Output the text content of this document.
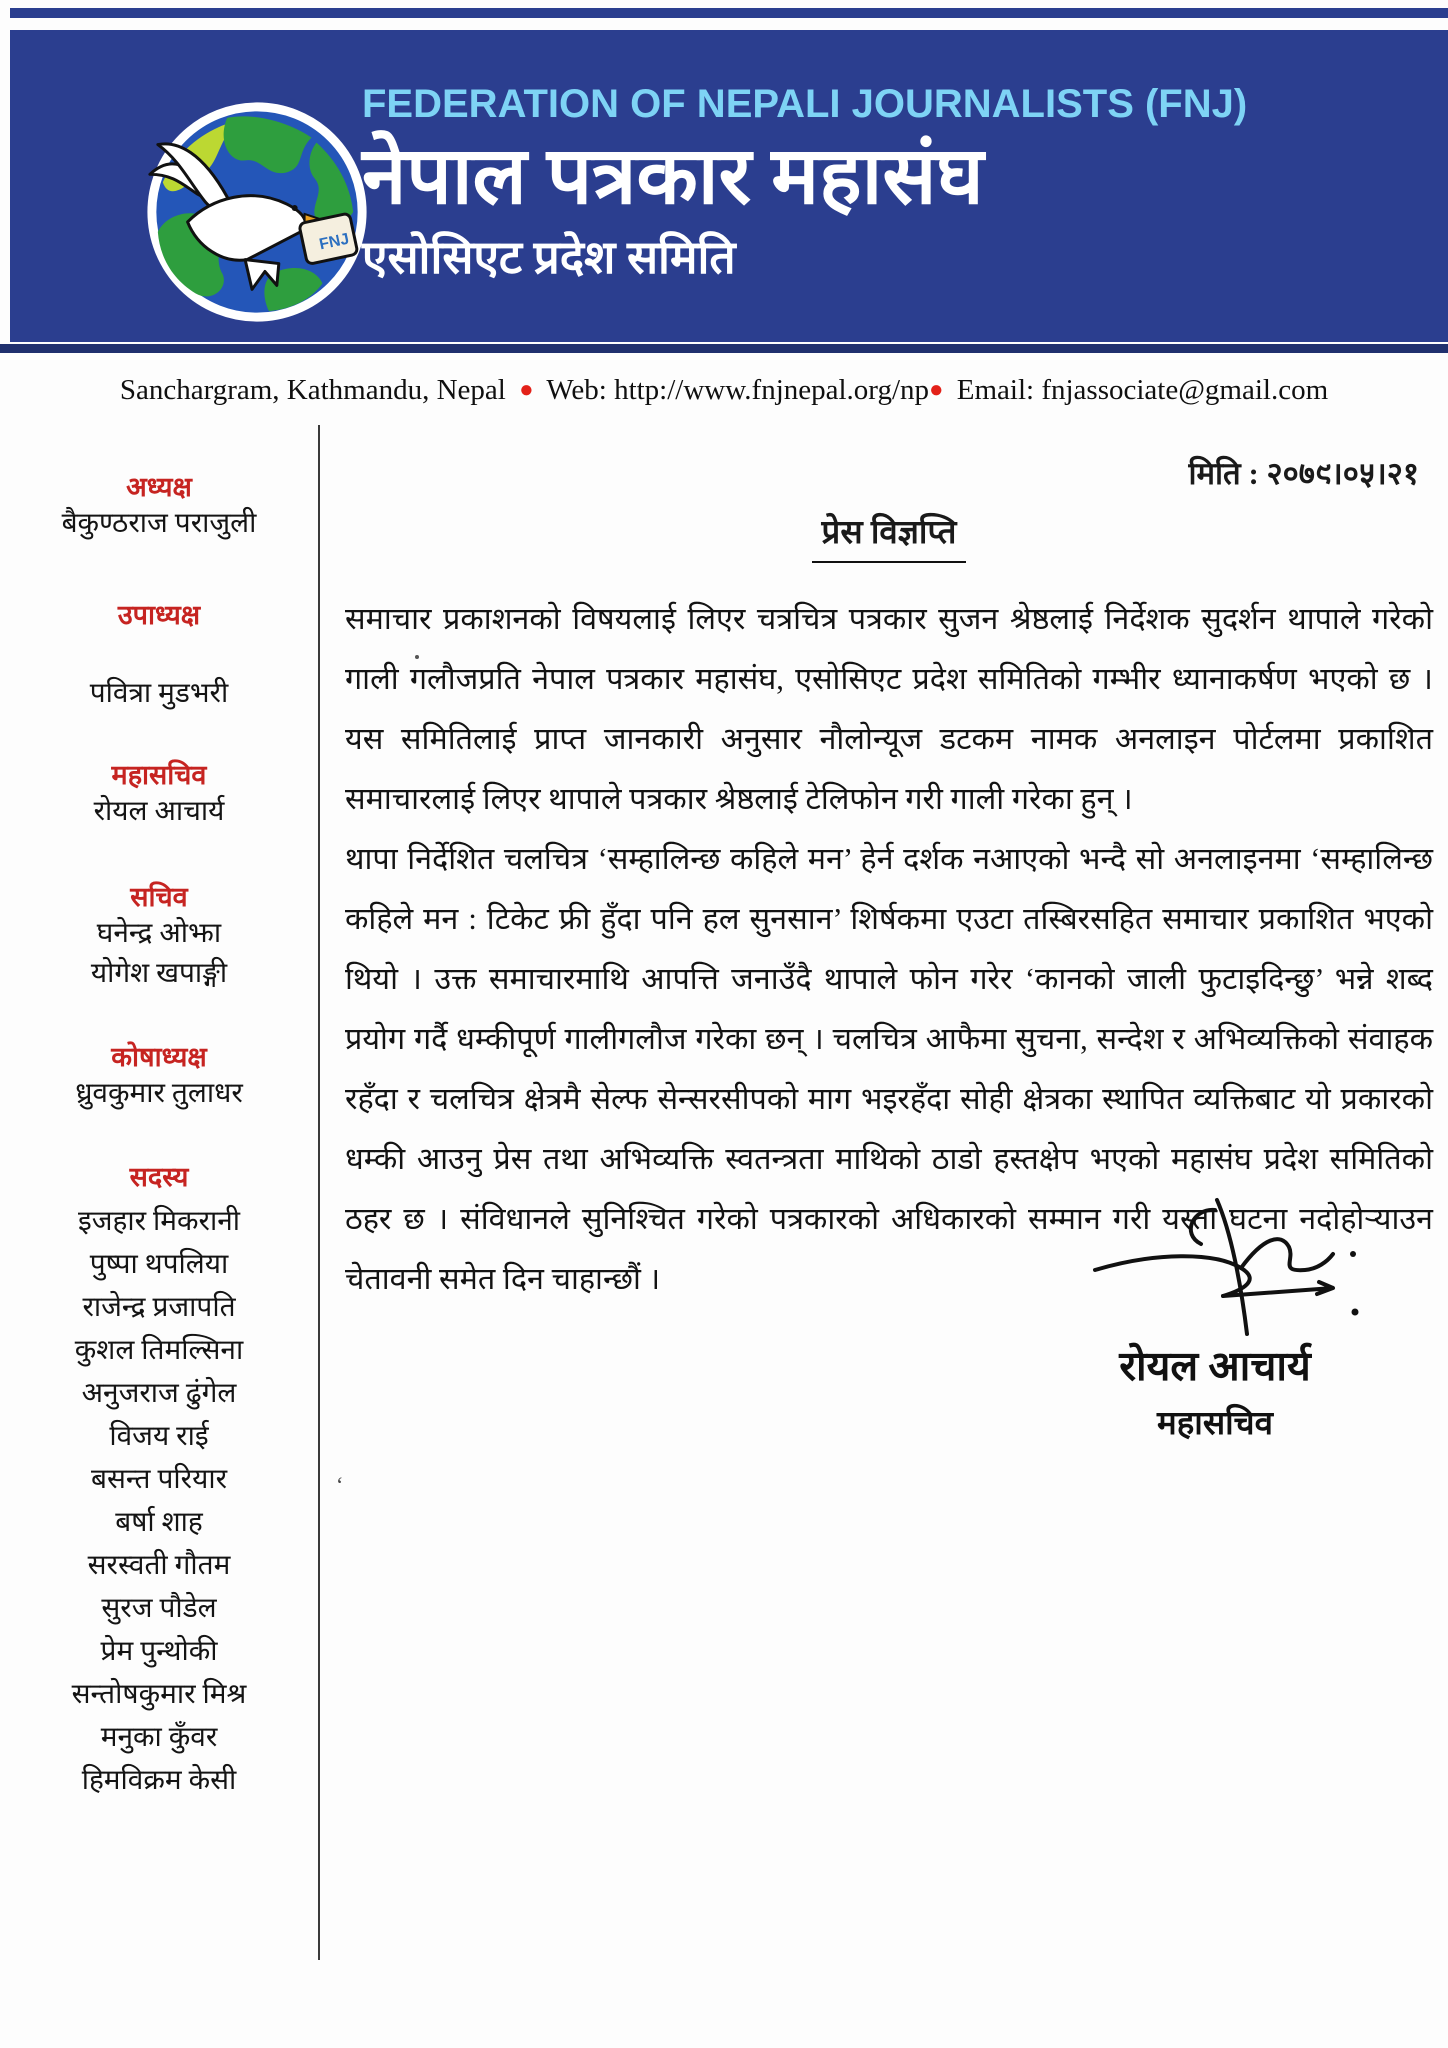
FNJ
FEDERATION OF NEPALI JOURNALISTS (FNJ)
नेपाल पत्रकार महासंघ
एसोसिएट प्रदेश समिति
Sanchargram, Kathmandu, Nepal ● Web: http://www.fnjnepal.org/np● Email: fnjassociate@gmail.com
‘
अध्यक्ष
बैकुण्ठराज पराजुली
उपाध्यक्ष
पवित्रा मुडभरी
महासचिव
रोयल आचार्य
सचिव
घनेन्द्र ओझा
योगेश खपाङ्गी
कोषाध्यक्ष
ध्रुवकुमार तुलाधर
सदस्य
इजहार मिकरानी
पुष्पा थपलिया
राजेन्द्र प्रजापति
कुशल तिमल्सिना
अनुजराज ढुंगेल
विजय राई
बसन्त परियार
बर्षा शाह
सरस्वती गौतम
सुरज पौडेल
प्रेम पुन्थोकी
सन्तोषकुमार मिश्र
मनुका कुँवर
हिमविक्रम केसी
मिति : २०७९।०५।२१
प्रेस विज्ञप्ति

समाचार प्रकाशनको विषयलाई लिएर चत्रचित्र पत्रकार सुजन श्रेष्ठलाई निर्देशक सुदर्शन थापाले गरेको गाली गलौजप्रति नेपाल पत्रकार महासंघ, एसोसिएट प्रदेश समितिको गम्भीर ध्यानाकर्षण भएको छ । यस समितिलाई प्राप्त जानकारी अनुसार नौलोन्यूज डटकम नामक अनलाइन पोर्टलमा प्रकाशित समाचारलाई लिएर थापाले पत्रकार श्रेष्ठलाई टेलिफोन गरी गाली गरेका हुन् ।

थापा निर्देशित चलचित्र ‘सम्हालिन्छ कहिले मन’ हेर्न दर्शक नआएको भन्दै सो अनलाइनमा ‘सम्हालिन्छ कहिले मन : टिकेट फ्री हुँदा पनि हल सुनसान’ शिर्षकमा एउटा तस्बिरसहित समाचार प्रकाशित भएको थियो । उक्त समाचारमाथि आपत्ति जनाउँदै थापाले फोन गरेर ‘कानको जाली फुटाइदिन्छु’ भन्ने शब्द प्रयोग गर्दै धम्कीपूर्ण गालीगलौज गरेका छन् । चलचित्र आफैमा सुचना, सन्देश र अभिव्यक्तिको संवाहक रहँदा र चलचित्र क्षेत्रमै सेल्फ सेन्सरसीपको माग भइरहँदा सोही क्षेत्रका स्थापित व्यक्तिबाट यो प्रकारको धम्की आउनु प्रेस तथा अभिव्यक्ति स्वतन्त्रता माथिको ठाडो हस्तक्षेप भएको महासंघ प्रदेश समितिको ठहर छ । संविधानले सुनिश्चित गरेको पत्रकारको अधिकारको सम्मान गरी यस्ता घटना नदोहोऱ्याउन चेतावनी समेत दिन चाहान्छौं ।

रोयल आचार्य
महासचिव
